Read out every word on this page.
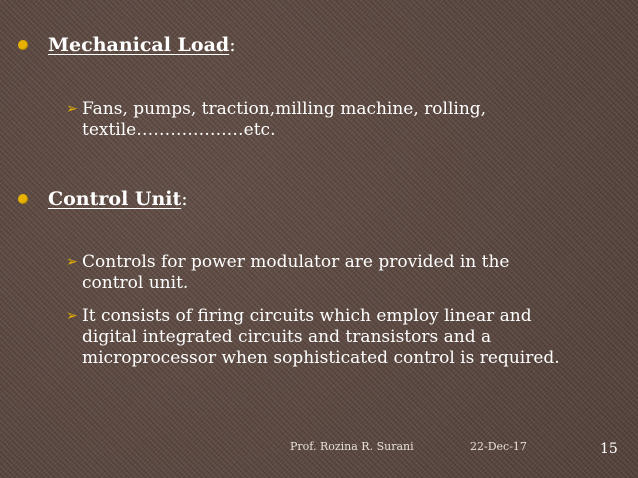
Mechanical Load :
➢ Fans, pumps, traction,milling machine, rolling, textile…………….…etc.
Control Unit :
➢ Controls for power modulator are provided in the control unit.
➢ It consists of firing circuits which employ linear and digital integrated circuits and transistors and a microprocessor when sophisticated control is required.
Prof. Rozina R. Surani	22-Dec-17	15
